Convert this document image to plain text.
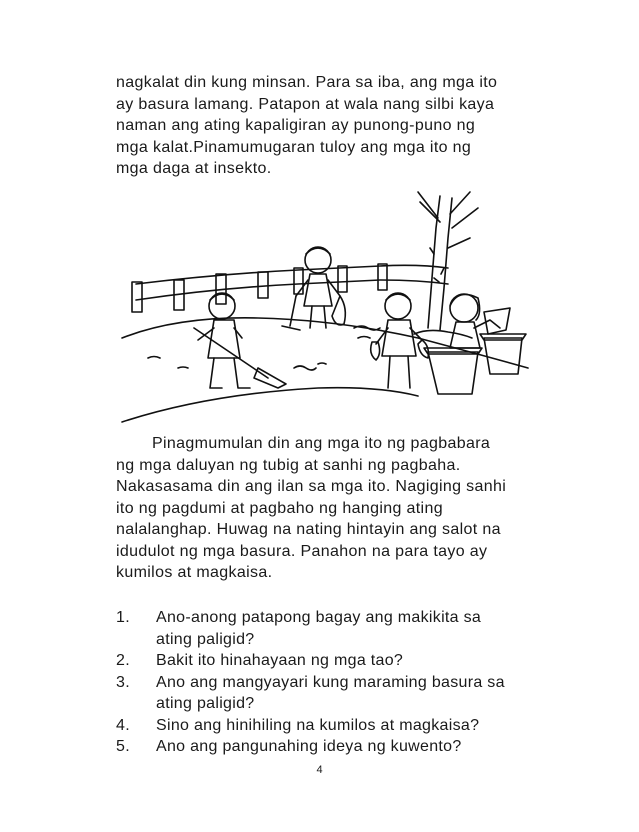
nagkalat din kung minsan. Para sa iba, ang mga ito
ay basura lamang. Patapon at wala nang silbi kaya
naman ang ating kapaligiran ay punong-puno ng
mga kalat.Pinamumugaran tuloy ang mga ito ng
mga daga at insekto.
Pinagmumulan din ang mga ito ng pagbabara
ng mga daluyan ng tubig at sanhi ng pagbaha.
Nakasasama din ang ilan sa mga ito. Nagiging sanhi
ito ng pagdumi at pagbaho ng hanging ating
nalalanghap. Huwag na nating hintayin ang salot na
idudulot ng mga basura. Panahon na para tayo ay
kumilos at magkaisa.
1. Ano-anong patapong bagay ang makikita sa
ating paligid?
2. Bakit ito hinahayaan ng mga tao?
3. Ano ang mangyayari kung maraming basura sa
ating paligid?
4. Sino ang hinihiling na kumilos at magkaisa?
5. Ano ang pangunahing ideya ng kuwento?
4
